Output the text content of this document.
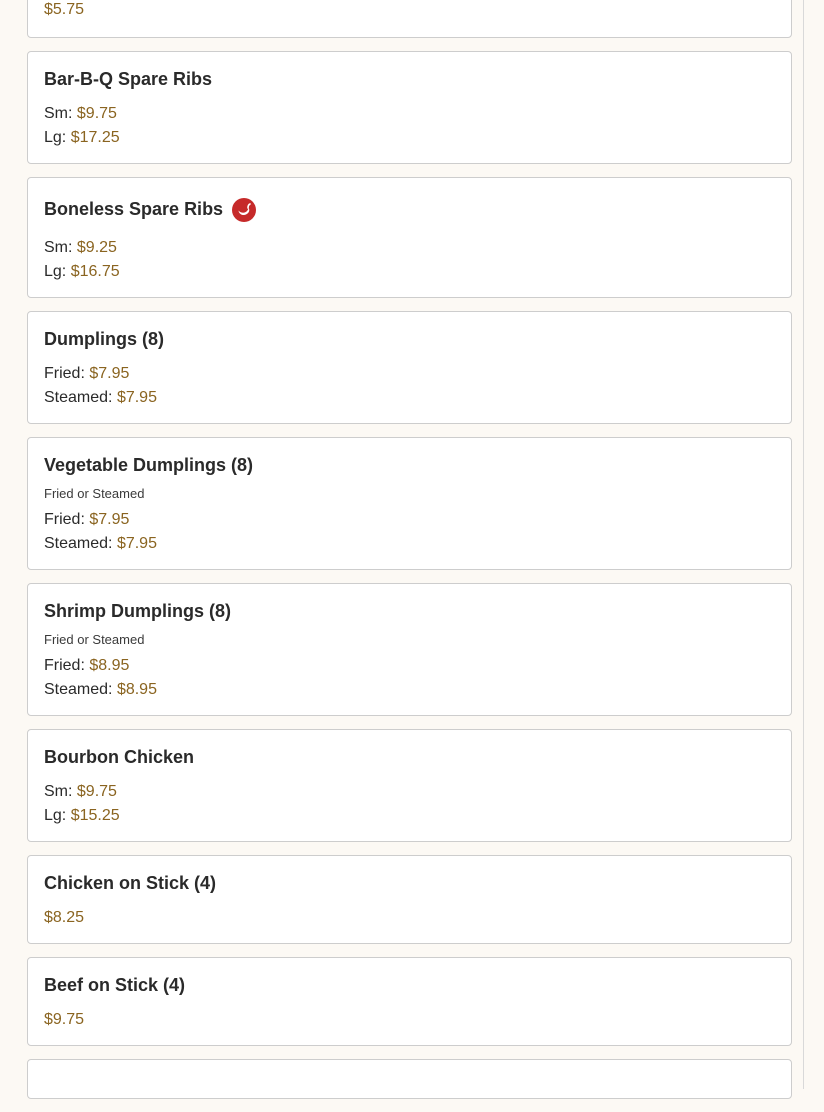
$5.75
Bar-B-Q Spare Ribs
Sm: $9.75
Lg: $17.25
Boneless Spare Ribs
Sm: $9.25
Lg: $16.75
Dumplings (8)
Fried: $7.95
Steamed: $7.95
Vegetable Dumplings (8)
Fried or Steamed
Fried: $7.95
Steamed: $7.95
Shrimp Dumplings (8)
Fried or Steamed
Fried: $8.95
Steamed: $8.95
Bourbon Chicken
Sm: $9.75
Lg: $15.25
Chicken on Stick (4)
$8.25
Beef on Stick (4)
$9.75
